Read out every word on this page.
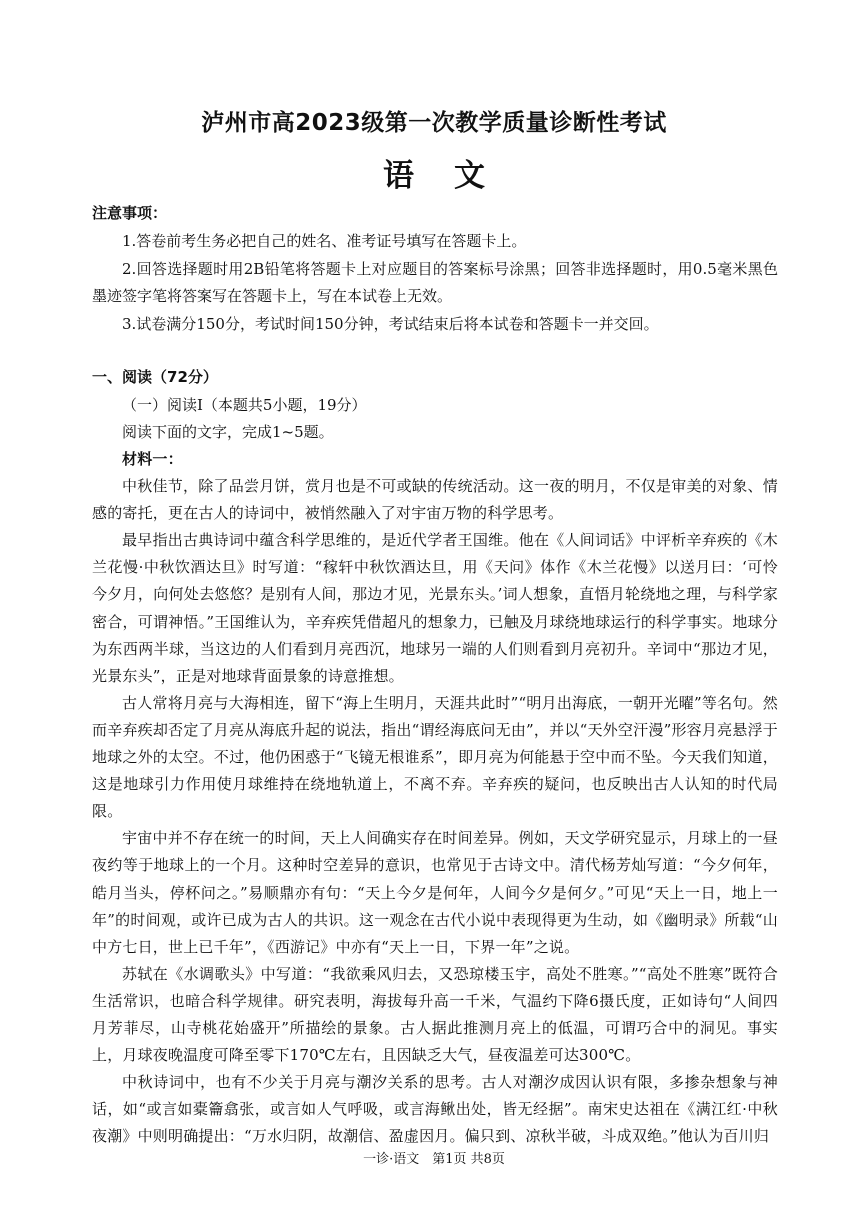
泸州市高2023级第一次教学质量诊断性考试
语文
注意事项：

1.答卷前考生务必把自己的姓名、准考证号填写在答题卡上。

2.回答选择题时用2B铅笔将答题卡上对应题目的答案标号涂黑；回答非选择题时，用0.5毫米黑色墨迹签字笔将答案写在答题卡上，写在本试卷上无效。

3.试卷满分150分，考试时间150分钟，考试结束后将本试卷和答题卡一并交回。

一、阅读（72分）
（一）阅读I（本题共5小题，19分）
阅读下面的文字，完成1~5题。
材料一：

中秋佳节，除了品尝月饼，赏月也是不可或缺的传统活动。这一夜的明月，不仅是审美的对象、情感的寄托，更在古人的诗词中，被悄然融入了对宇宙万物的科学思考。

最早指出古典诗词中蕴含科学思维的，是近代学者王国维。他在《人间词话》中评析辛弃疾的《木兰花慢·中秋饮酒达旦》时写道：“稼轩中秋饮酒达旦，用《天问》体作《木兰花慢》以送月曰：‘可怜今夕月，向何处去悠悠？是别有人间，那边才见，光景东头。’词人想象，直悟月轮绕地之理，与科学家密合，可谓神悟。”王国维认为，辛弃疾凭借超凡的想象力，已触及月球绕地球运行的科学事实。地球分为东西两半球，当这边的人们看到月亮西沉，地球另一端的人们则看到月亮初升。辛词中“那边才见，光景东头”，正是对地球背面景象的诗意推想。

古人常将月亮与大海相连，留下“海上生明月，天涯共此时”“明月出海底，一朝开光曜”等名句。然而辛弃疾却否定了月亮从海底升起的说法，指出“谓经海底问无由”，并以“天外空汗漫”形容月亮悬浮于地球之外的太空。不过，他仍困惑于“飞镜无根谁系”，即月亮为何能悬于空中而不坠。今天我们知道，这是地球引力作用使月球维持在绕地轨道上，不离不弃。辛弃疾的疑问，也反映出古人认知的时代局限。

宇宙中并不存在统一的时间，天上人间确实存在时间差异。例如，天文学研究显示，月球上的一昼夜约等于地球上的一个月。这种时空差异的意识，也常见于古诗文中。清代杨芳灿写道：“今夕何年，皓月当头，停杯问之。”易顺鼎亦有句：“天上今夕是何年，人间今夕是何夕。”可见“天上一日，地上一年”的时间观，或许已成为古人的共识。这一观念在古代小说中表现得更为生动，如《幽明录》所载“山中方七日，世上已千年”，《西游记》中亦有“天上一日，下界一年”之说。

苏轼在《水调歌头》中写道：“我欲乘风归去，又恐琼楼玉宇，高处不胜寒。”“高处不胜寒”既符合生活常识，也暗合科学规律。研究表明，海拔每升高一千米，气温约下降6摄氏度，正如诗句“人间四月芳菲尽，山寺桃花始盛开”所描绘的景象。古人据此推测月亮上的低温，可谓巧合中的洞见。事实上，月球夜晚温度可降至零下170℃左右，且因缺乏大气，昼夜温差可达300℃。

中秋诗词中，也有不少关于月亮与潮汐关系的思考。古人对潮汐成因认识有限，多掺杂想象与神话，如“或言如橐籥翕张，或言如人气呼吸，或言海鳅出处，皆无经据”。南宋史达祖在《满江红·中秋夜潮》中则明确提出：“万水归阴，故潮信、盈虚因月。偏只到、凉秋半破，斗成双绝。”他认为百川归

一诊·语文　第1页 共8页
